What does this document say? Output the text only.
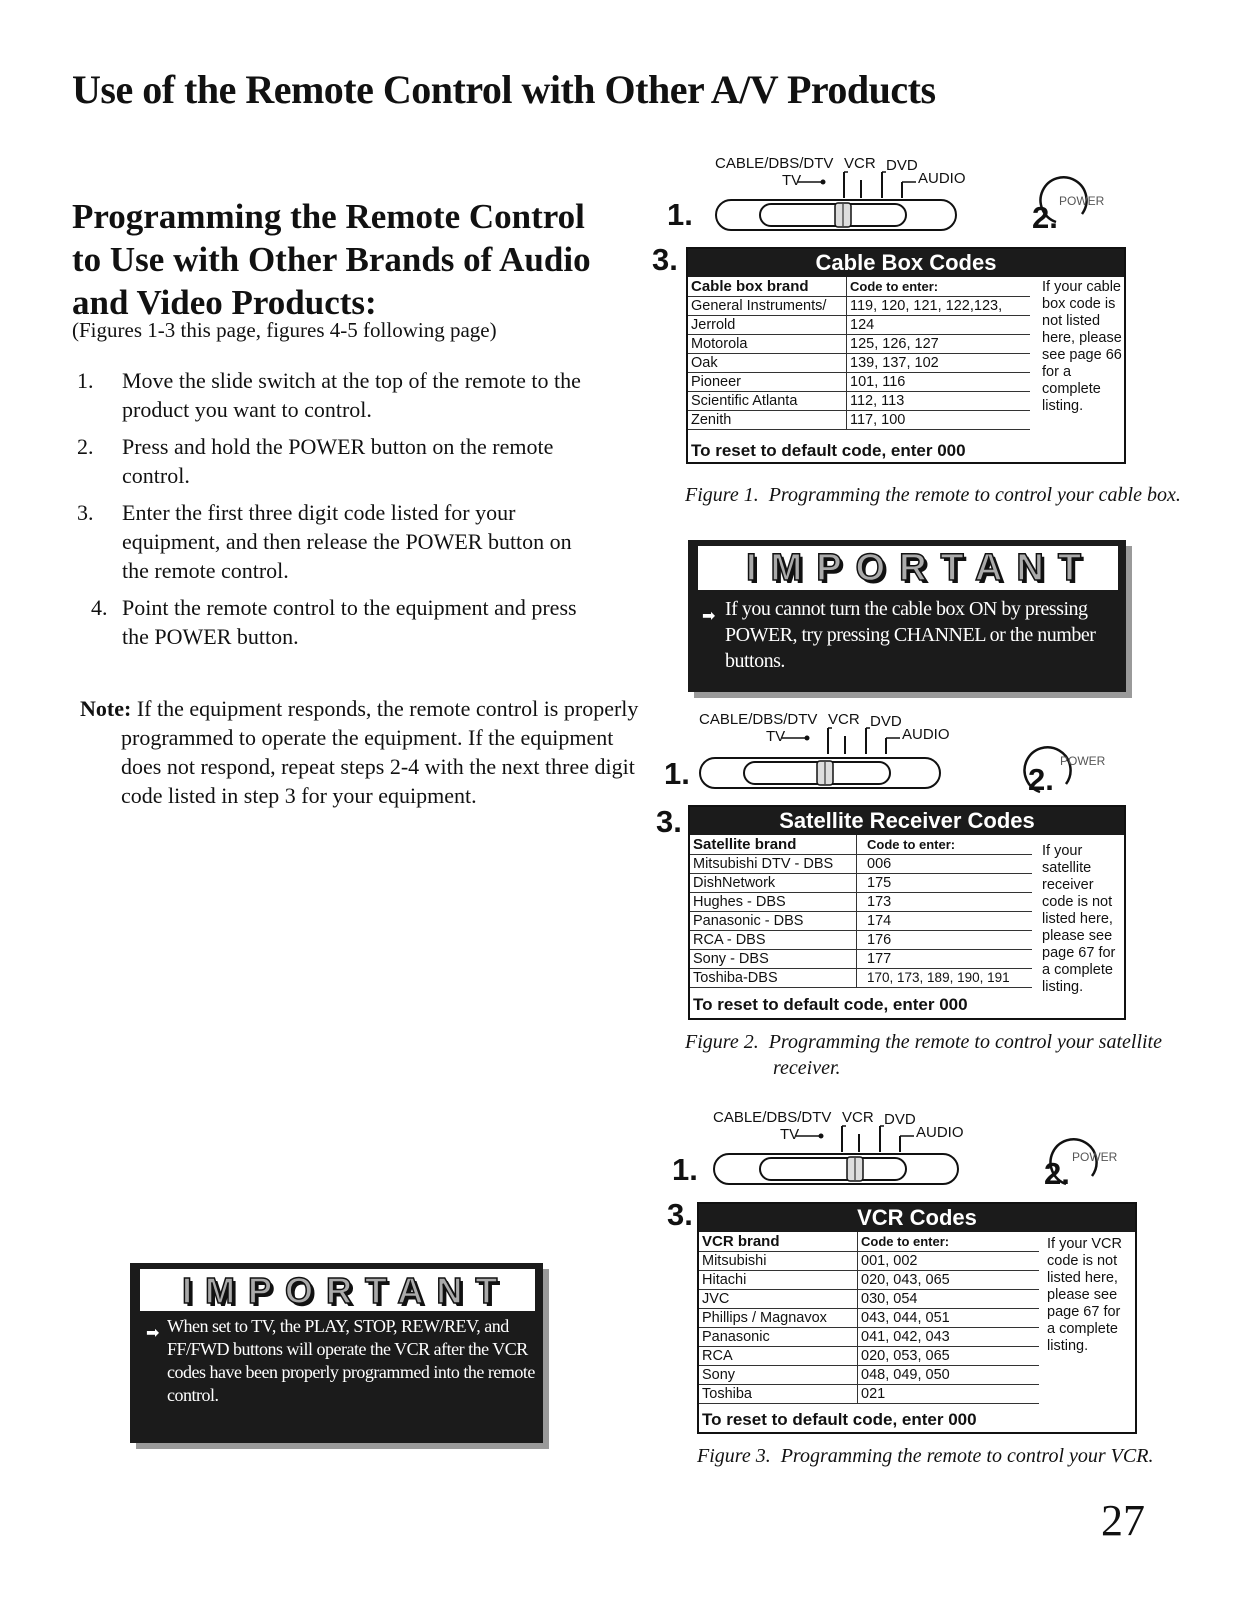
Use of the Remote Control with Other A/V Products
Programming the Remote Control to Use with Other Brands of Audio and Video Products:
(Figures 1-3 this page, figures 4-5 following page)
1. Move the slide switch at the top of the remote to the product you want to control.
2. Press and hold the POWER button on the remote control.
3. Enter the first three digit code listed for your equipment, and then release the POWER button on the remote control.
4. Point the remote control to the equipment and press the POWER button.
Note: If the equipment responds, the remote control is properly programmed to operate the equipment. If the equipment does not respond, repeat steps 2-4 with the next three digit code listed in step 3 for your equipment.
IMPORTANT
➡ When set to TV, the PLAY, STOP, REW/REV, and FF/FWD buttons will operate the VCR after the VCR codes have been properly programmed into the remote control.
CABLE/DBS/DTV VCR DVD
TV	AUDIO
POWER
1.	2.
3.	Cable Box Codes
Cable box brand	Code to enter:
General Instruments/	119, 120, 121, 122,123,
Jerrold	124
Motorola	125, 126, 127
Oak	139, 137, 102
Pioneer	101, 116
Scientific Atlanta	112, 113
Zenith	117, 100
If your cable box code is not listed here, please see page 66 for a complete listing.
To reset to default code, enter 000
Figure 1. Programming the remote to control your cable box.
IMPORTANT
➡ If you cannot turn the cable box ON by pressing POWER, try pressing CHANNEL or the number buttons.
CABLE/DBS/DTV VCR DVD
TV	AUDIO
POWER
1.	2.
3.	Satellite Receiver Codes
Satellite brand	Code to enter:
Mitsubishi DTV - DBS	006
DishNetwork	175
Hughes - DBS	173
Panasonic - DBS	174
RCA - DBS	176
Sony - DBS	177
Toshiba-DBS	170, 173, 189, 190, 191
If your satellite receiver code is not listed here, please see page 67 for a complete listing.
To reset to default code, enter 000
Figure 2. Programming the remote to control your satellite receiver.
CABLE/DBS/DTV VCR DVD
TV	AUDIO
POWER
1.	2.
3.	VCR Codes
VCR brand	Code to enter:
Mitsubishi	001, 002
Hitachi	020, 043, 065
JVC	030, 054
Phillips / Magnavox	043, 044, 051
Panasonic	041, 042, 043
RCA	020, 053, 065
Sony	048, 049, 050
Toshiba	021
If your VCR code is not listed here, please see page 67 for a complete listing.
To reset to default code, enter 000
Figure 3. Programming the remote to control your VCR.
27
